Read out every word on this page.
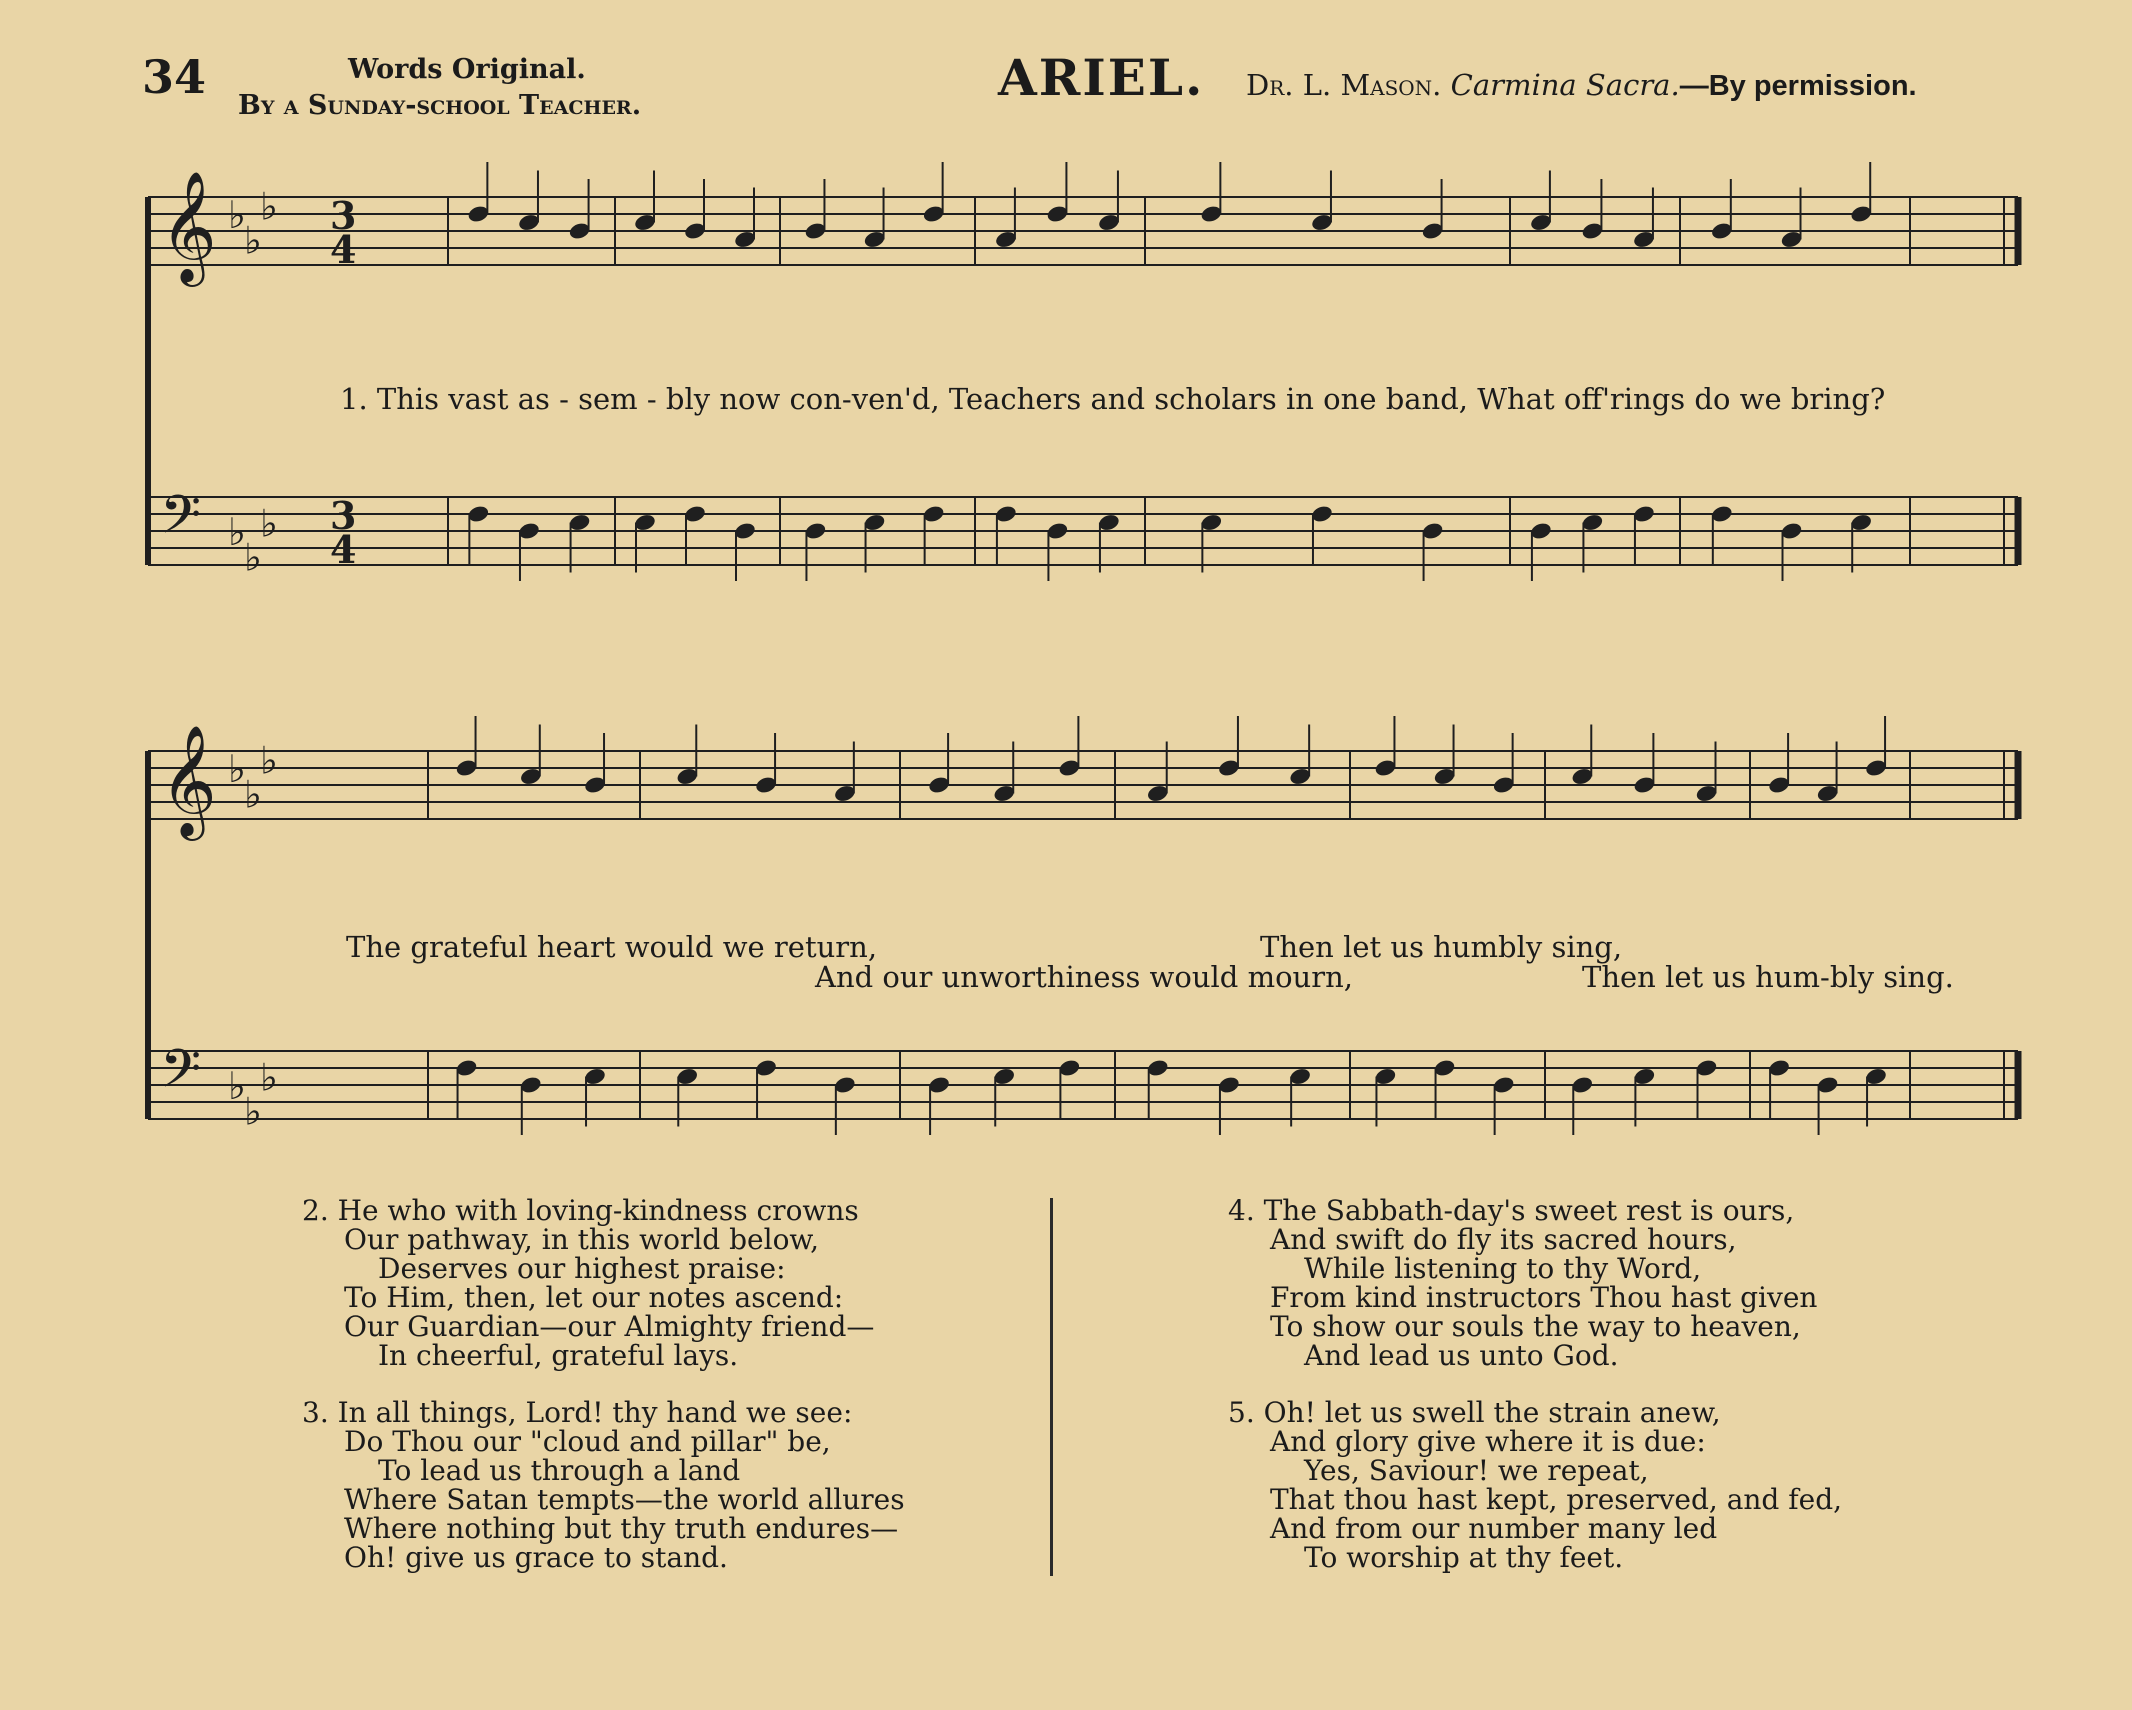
34	Words Original.
By a Sunday-school Teacher.	ARIEL. Dr. L. Mason. Carmina Sacra.—By permission.
𝄞 ♭
♭
♭ 3
4
𝄢 ♭
♭
♭ 3
4
𝄞 ♭
♭
♭
𝄢 ♭
♭
♭
1. This vast as - sem - bly now con-ven'd, Teachers and scholars in one band, What off'rings do we bring?
The grateful heart would we return,
And our unworthiness would mourn,
Then let us humbly sing,
Then let us hum-bly sing.
2. He who with loving-kindness crowns
Our pathway, in this world below,
Deserves our highest praise:
To Him, then, let our notes ascend:
Our Guardian—our Almighty friend—
In cheerful, grateful lays.
3. In all things, Lord! thy hand we see:
Do Thou our "cloud and pillar" be,
To lead us through a land
Where Satan tempts—the world allures
Where nothing but thy truth endures—
Oh! give us grace to stand.
4. The Sabbath-day's sweet rest is ours,
And swift do fly its sacred hours,
While listening to thy Word,
From kind instructors Thou hast given
To show our souls the way to heaven,
And lead us unto God.
5. Oh! let us swell the strain anew,
And glory give where it is due:
Yes, Saviour! we repeat,
That thou hast kept, preserved, and fed,
And from our number many led
To worship at thy feet.
